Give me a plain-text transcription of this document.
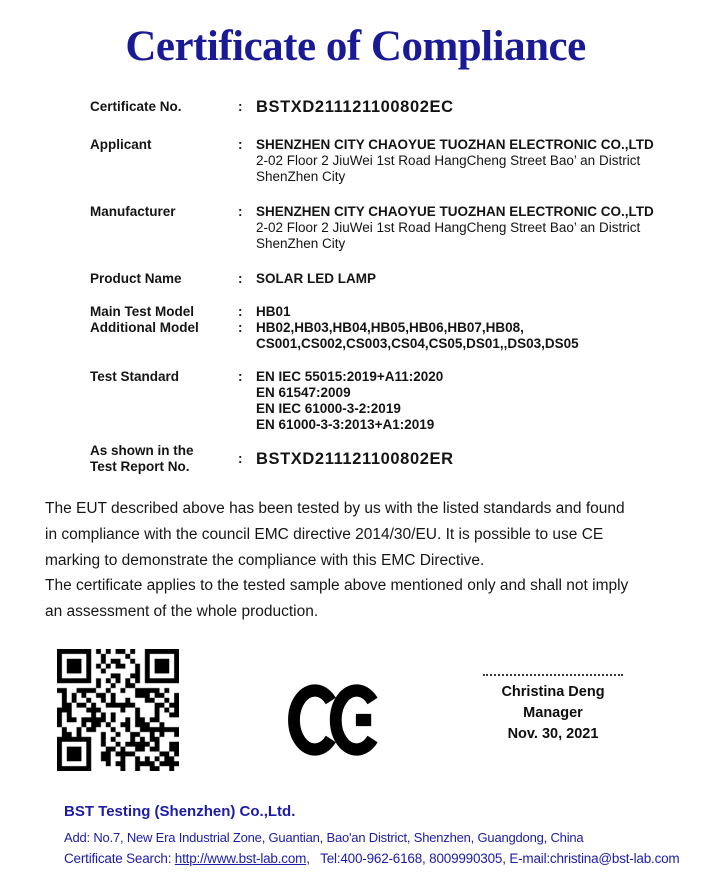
Certificate of Compliance
Certificate No.	: BSTXD211121100802EC
Applicant	:	SHENZHEN CITY CHAOYUE TUOZHAN ELECTRONIC CO.,LTD
2-02 Floor 2 JiuWei 1st Road HangCheng Street Bao’ an District
ShenZhen City
Manufacturer	:	SHENZHEN CITY CHAOYUE TUOZHAN ELECTRONIC CO.,LTD
2-02 Floor 2 JiuWei 1st Road HangCheng Street Bao’ an District
ShenZhen City
Product Name	:	SOLAR LED LAMP
Main Test Model	:	HB01
Additional Model	:	HB02,HB03,HB04,HB05,HB06,HB07,HB08,
CS001,CS002,CS003,CS04,CS05,DS01,,DS03,DS05
Test Standard	:	EN IEC 55015:2019+A11:2020
EN 61547:2009
EN IEC 61000-3-2:2019
EN 61000-3-3:2013+A1:2019
As shown in the
Test Report No.
: BSTXD211121100802ER
The EUT described above has been tested by us with the listed standards and found
in compliance with the council EMC directive 2014/30/EU. It is possible to use CE
marking to demonstrate the compliance with this EMC Directive.
The certificate applies to the tested sample above mentioned only and shall not imply
an assessment of the whole production.
Christina Deng
Manager
Nov. 30, 2021
BST Testing (Shenzhen) Co.,Ltd.
Add: No.7, New Era Industrial Zone, Guantian, Bao'an District, Shenzhen, Guangdong, China
Certificate Search: http://www.bst-lab.com,   Tel:400-962-6168, 8009990305, E-mail:christina@bst-lab.com
